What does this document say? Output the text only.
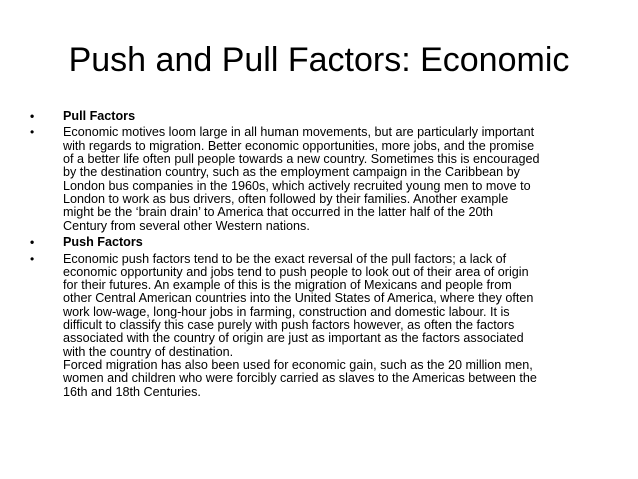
Push and Pull Factors: Economic
•	Pull Factors
•	Economic motives loom large in all human movements, but are particularly important
with regards to migration. Better economic opportunities, more jobs, and the promise
of a better life often pull people towards a new country. Sometimes this is encouraged
by the destination country, such as the employment campaign in the Caribbean by
London bus companies in the 1960s, which actively recruited young men to move to
London to work as bus drivers, often followed by their families. Another example
might be the ‘brain drain’ to America that occurred in the latter half of the 20th
Century from several other Western nations.
•	Push Factors
•	Economic push factors tend to be the exact reversal of the pull factors; a lack of
economic opportunity and jobs tend to push people to look out of their area of origin
for their futures. An example of this is the migration of Mexicans and people from
other Central American countries into the United States of America, where they often
work low-wage, long-hour jobs in farming, construction and domestic labour. It is
difficult to classify this case purely with push factors however, as often the factors
associated with the country of origin are just as important as the factors associated
with the country of destination.
Forced migration has also been used for economic gain, such as the 20 million men,
women and children who were forcibly carried as slaves to the Americas between the
16th and 18th Centuries.
